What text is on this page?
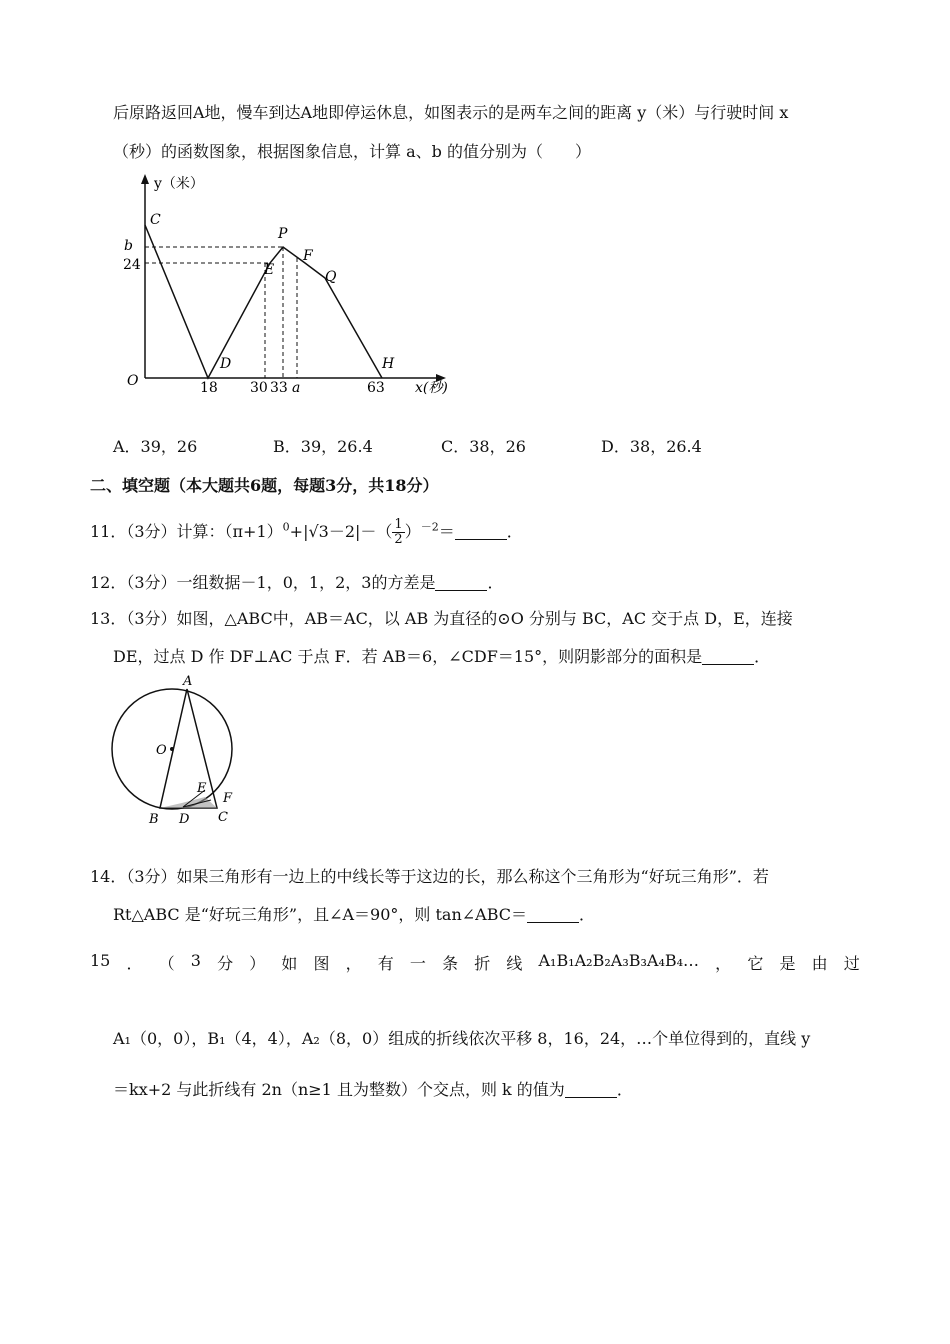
后原路返回A地，慢车到达A地即停运休息，如图表示的是两车之间的距离 y（米）与行驶时间 x
（秒）的函数图象，根据图象信息，计算 a、b 的值分别为（　　）
y（米）
x(秒)
O
b
24
18 30 33 a	63
C
P
E
F
Q
D	H
A．39，26	B．39，26.4	C．38，26	D．38，26.4
二、填空题（本大题共6题，每题3分，共18分）
11．（3分）计算：$(\pi+1)^0+|√3-2|-( \frac{1}{2} )^{-2}=$	．
12．（3分）一组数据－1，0，1，2，3的方差是	．
13．（3分）如图，△ABC中，AB＝AC，以 AB 为直径的⊙O 分别与 BC，AC 交于点 D，E，连接
DE，过点 D 作 DF⊥AC 于点 F．若 AB＝6，∠CDF＝15°，则阴影部分的面积是	．
A
O
E
F
B D C
14．（3分）如果三角形有一边上的中线长等于这边的长，那么称这个三角形为“好玩三角形”．若
Rt△ABC 是“好玩三角形”，且∠A＝90°，则 tan∠ABC＝	．
15 ． （ 3 分 ） 如 图 ， 有 一 条 折 线 A₁B₁A₂B₂A₃B₃A₄B₄… ， 它 是 由 过
A₁（0，0），B₁（4，4），A₂（8，0）组成的折线依次平移 8，16，24，…个单位得到的，直线 y
＝kx+2 与此折线有 2n（n≥1 且为整数）个交点，则 k 的值为	．
